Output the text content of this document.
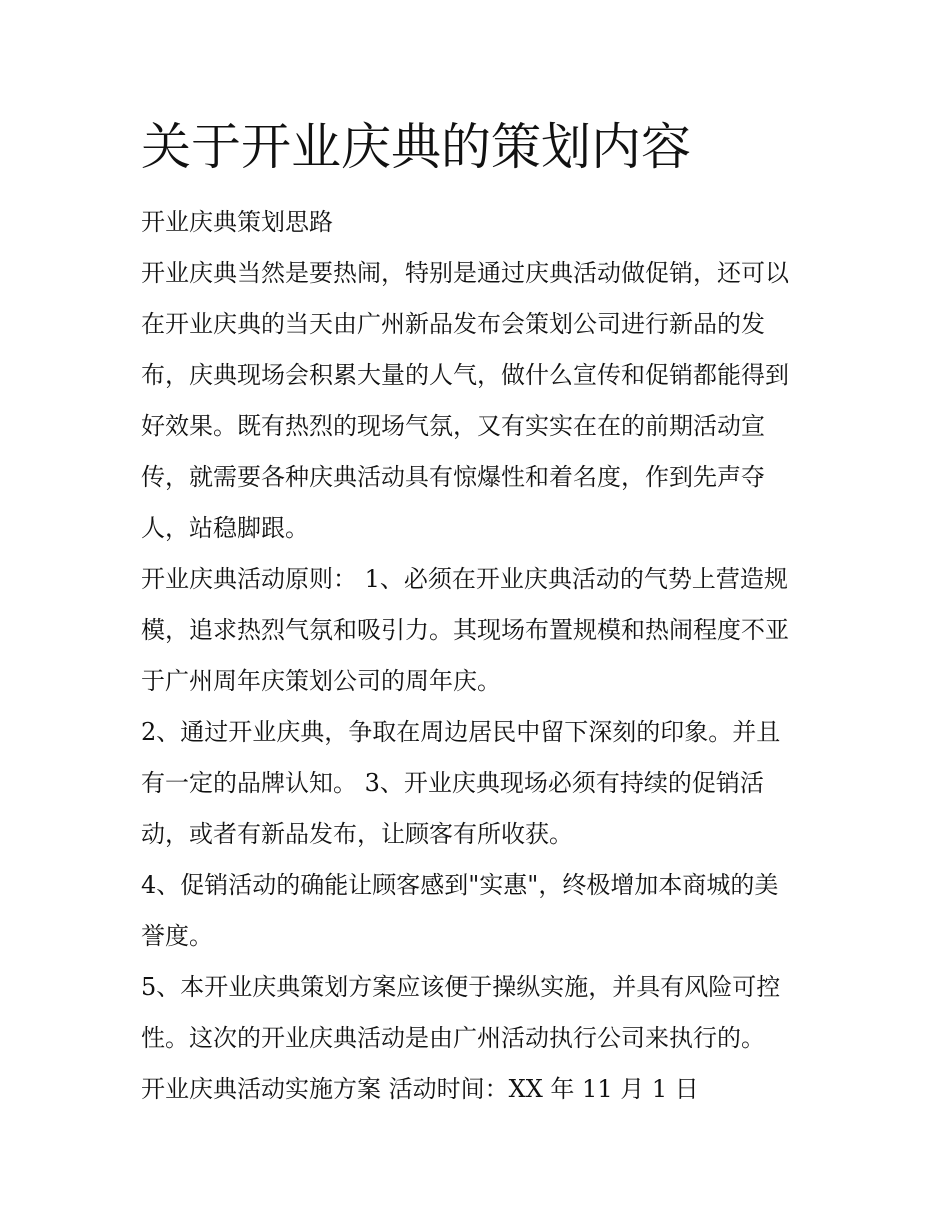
关于开业庆典的策划内容

开业庆典策划思路

开业庆典当然是要热闹，特别是通过庆典活动做促销，还可以
在开业庆典的当天由广州新品发布会策划公司进行新品的发
布，庆典现场会积累大量的人气，做什么宣传和促销都能得到
好效果。既有热烈的现场气氛，又有实实在在的前期活动宣
传，就需要各种庆典活动具有惊爆性和着名度，作到先声夺
人，站稳脚跟。

开业庆典活动原则： 1、必须在开业庆典活动的气势上营造规
模，追求热烈气氛和吸引力。其现场布置规模和热闹程度不亚
于广州周年庆策划公司的周年庆。

2、通过开业庆典，争取在周边居民中留下深刻的印象。并且
有一定的品牌认知。 3、开业庆典现场必须有持续的促销活
动，或者有新品发布，让顾客有所收获。

4、促销活动的确能让顾客感到"实惠"，终极增加本商城的美
誉度。

5、本开业庆典策划方案应该便于操纵实施，并具有风险可控
性。这次的开业庆典活动是由广州活动执行公司来执行的。

开业庆典活动实施方案 活动时间：XX 年 11 月 1 日
